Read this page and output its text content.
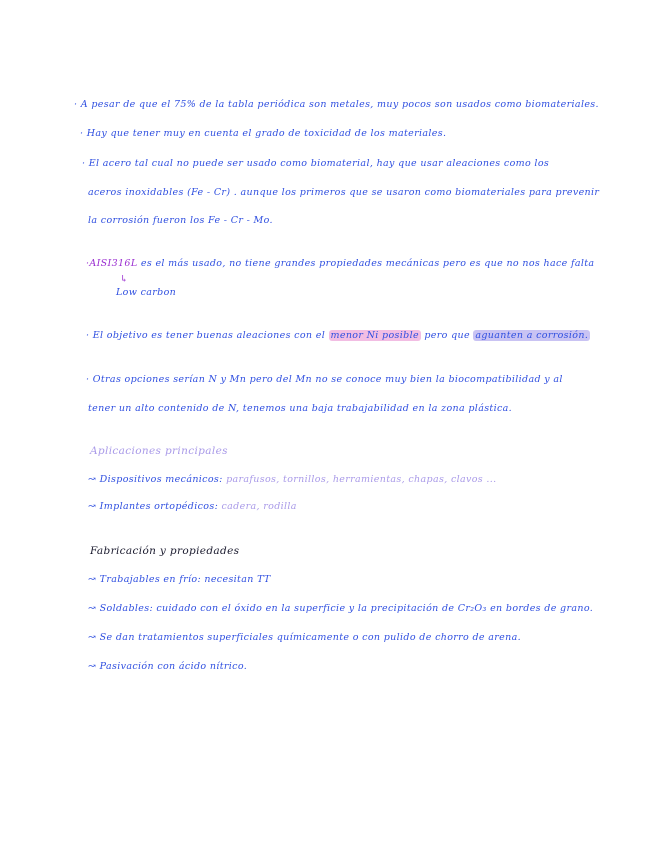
· A pesar de que el 75% de la tabla periódica son metales, muy pocos son usados como biomateriales.
· Hay que tener muy en cuenta el grado de toxicidad de los materiales.
· El acero tal cual no puede ser usado como biomaterial, hay que usar aleaciones como los
aceros inoxidables (Fe - Cr) . aunque los primeros que se usaron como biomateriales para prevenir
la corrosión fueron los Fe - Cr - Mo.
·AISI316L es el más usado, no tiene grandes propiedades mecánicas pero es que no nos hace falta
↳
Low carbon
· El objetivo es tener buenas aleaciones con el menor Ni posible pero que aguanten a corrosión.
· Otras opciones serían N y Mn pero del Mn no se conoce muy bien la biocompatibilidad y al
tener un alto contenido de N, tenemos una baja trabajabilidad en la zona plástica.
Aplicaciones principales
↝ Dispositivos mecánicos: parafusos, tornillos, herramientas, chapas, clavos ...
↝ Implantes ortopédicos: cadera, rodilla
Fabricación y propiedades
↝ Trabajables en frío: necesitan TT
↝ Soldables: cuidado con el óxido en la superficie y la precipitación de Cr₂O₃ en bordes de grano.
↝ Se dan tratamientos superficiales químicamente o con pulido de chorro de arena.
↝ Pasivación con ácido nítrico.
